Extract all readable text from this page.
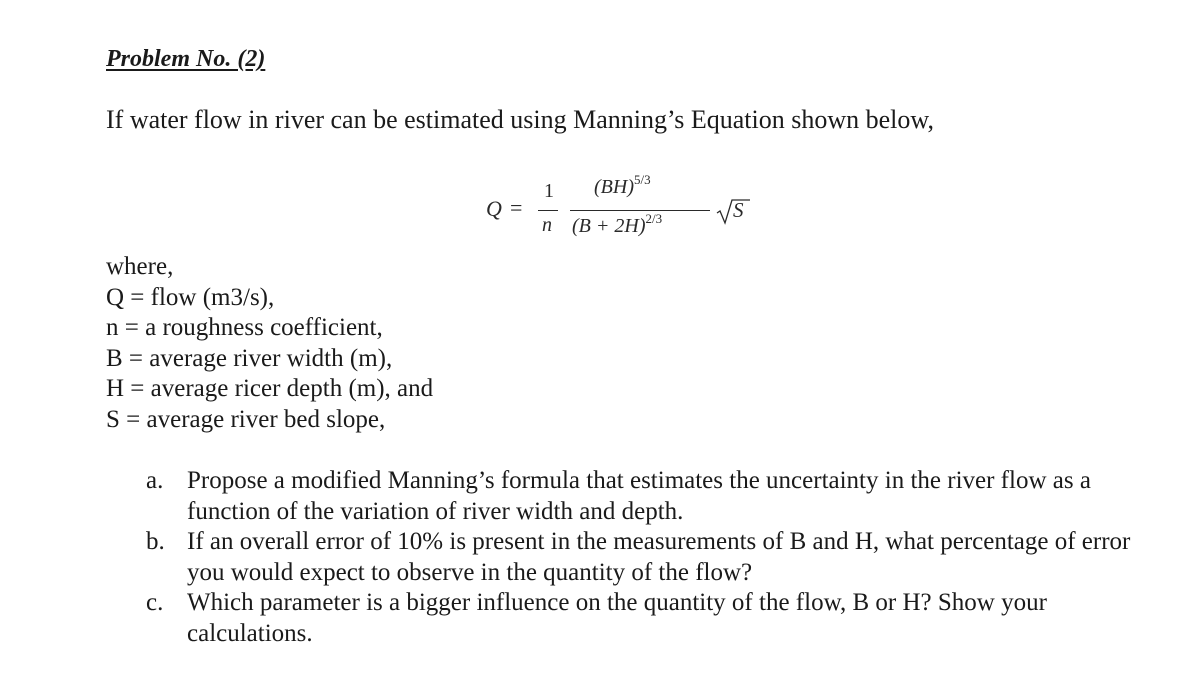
Problem No. (2)
If water flow in river can be estimated using Manning’s Equation shown below,
Q =
1
n
(BH)$^{5/3}$
$(B + 2H)^{2/3}$	S
where,
Q = flow (m3/s),
n = a roughness coefficient,
B = average river width (m),
H = average ricer depth (m), and
S = average river bed slope,
a. Propose a modified Manning’s formula that estimates the uncertainty in the river flow as a function of the variation of river width and depth.
b. If an overall error of 10% is present in the measurements of B and H, what percentage of error you would expect to observe in the quantity of the flow?
c. Which parameter is a bigger influence on the quantity of the flow, B or H? Show your calculations.
